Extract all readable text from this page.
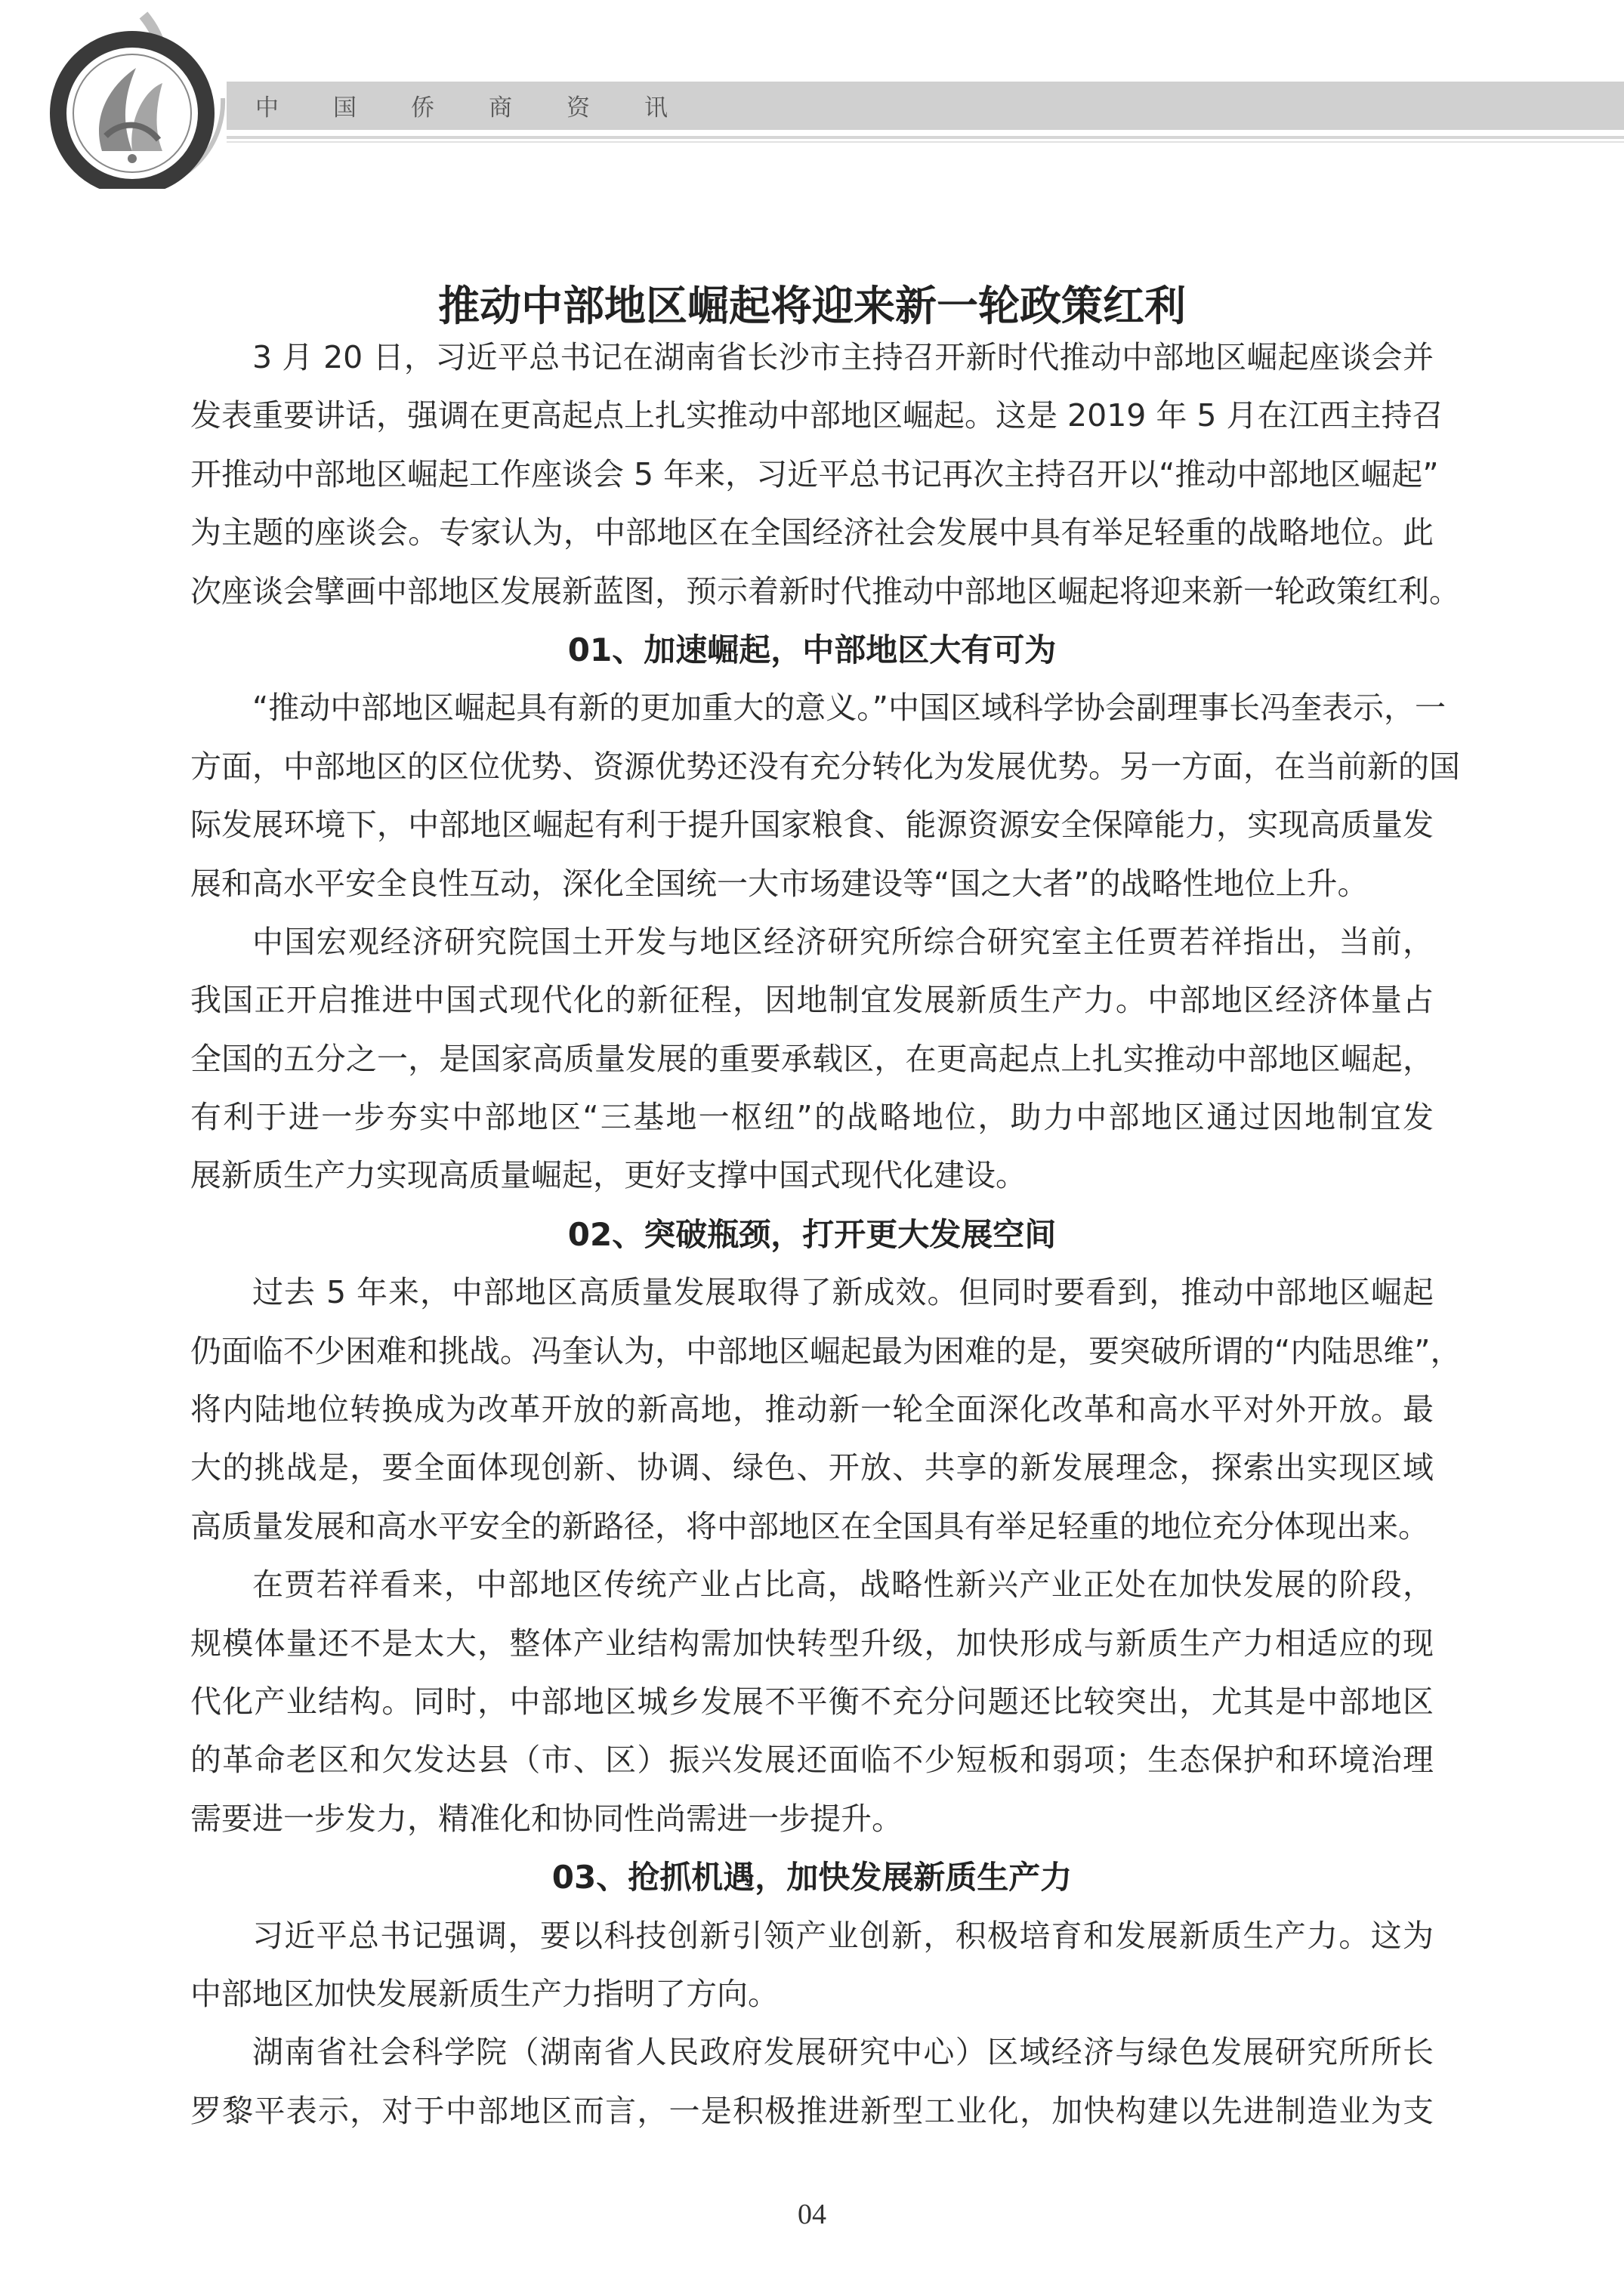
中	国	侨	商	资	讯
推动中部地区崛起将迎来新一轮政策红利
3 月 20 日，习近平总书记在湖南省长沙市主持召开新时代推动中部地区崛起座谈会并
发表重要讲话，强调在更高起点上扎实推动中部地区崛起。这是 2019 年 5 月在江西主持召
开推动中部地区崛起工作座谈会 5 年来，习近平总书记再次主持召开以“推动中部地区崛起”
为主题的座谈会。专家认为，中部地区在全国经济社会发展中具有举足轻重的战略地位。此
次座谈会擘画中部地区发展新蓝图，预示着新时代推动中部地区崛起将迎来新一轮政策红利。
01、加速崛起，中部地区大有可为
“推动中部地区崛起具有新的更加重大的意义。”中国区域科学协会副理事长冯奎表示，一
方面，中部地区的区位优势、资源优势还没有充分转化为发展优势。另一方面，在当前新的国
际发展环境下，中部地区崛起有利于提升国家粮食、能源资源安全保障能力，实现高质量发
展和高水平安全良性互动，深化全国统一大市场建设等“国之大者”的战略性地位上升。
中国宏观经济研究院国土开发与地区经济研究所综合研究室主任贾若祥指出，当前，
我国正开启推进中国式现代化的新征程，因地制宜发展新质生产力。中部地区经济体量占
全国的五分之一，是国家高质量发展的重要承载区，在更高起点上扎实推动中部地区崛起，
有利于进一步夯实中部地区“三基地一枢纽”的战略地位，助力中部地区通过因地制宜发
展新质生产力实现高质量崛起，更好支撑中国式现代化建设。
02、突破瓶颈，打开更大发展空间
过去 5 年来，中部地区高质量发展取得了新成效。但同时要看到，推动中部地区崛起
仍面临不少困难和挑战。冯奎认为，中部地区崛起最为困难的是，要突破所谓的“内陆思维”，
将内陆地位转换成为改革开放的新高地，推动新一轮全面深化改革和高水平对外开放。最
大的挑战是，要全面体现创新、协调、绿色、开放、共享的新发展理念，探索出实现区域
高质量发展和高水平安全的新路径，将中部地区在全国具有举足轻重的地位充分体现出来。
在贾若祥看来，中部地区传统产业占比高，战略性新兴产业正处在加快发展的阶段，
规模体量还不是太大，整体产业结构需加快转型升级，加快形成与新质生产力相适应的现
代化产业结构。同时，中部地区城乡发展不平衡不充分问题还比较突出，尤其是中部地区
的革命老区和欠发达县（市、区）振兴发展还面临不少短板和弱项；生态保护和环境治理
需要进一步发力，精准化和协同性尚需进一步提升。
03、抢抓机遇，加快发展新质生产力
习近平总书记强调，要以科技创新引领产业创新，积极培育和发展新质生产力。这为
中部地区加快发展新质生产力指明了方向。
湖南省社会科学院（湖南省人民政府发展研究中心）区域经济与绿色发展研究所所长
罗黎平表示，对于中部地区而言，一是积极推进新型工业化，加快构建以先进制造业为支
04
